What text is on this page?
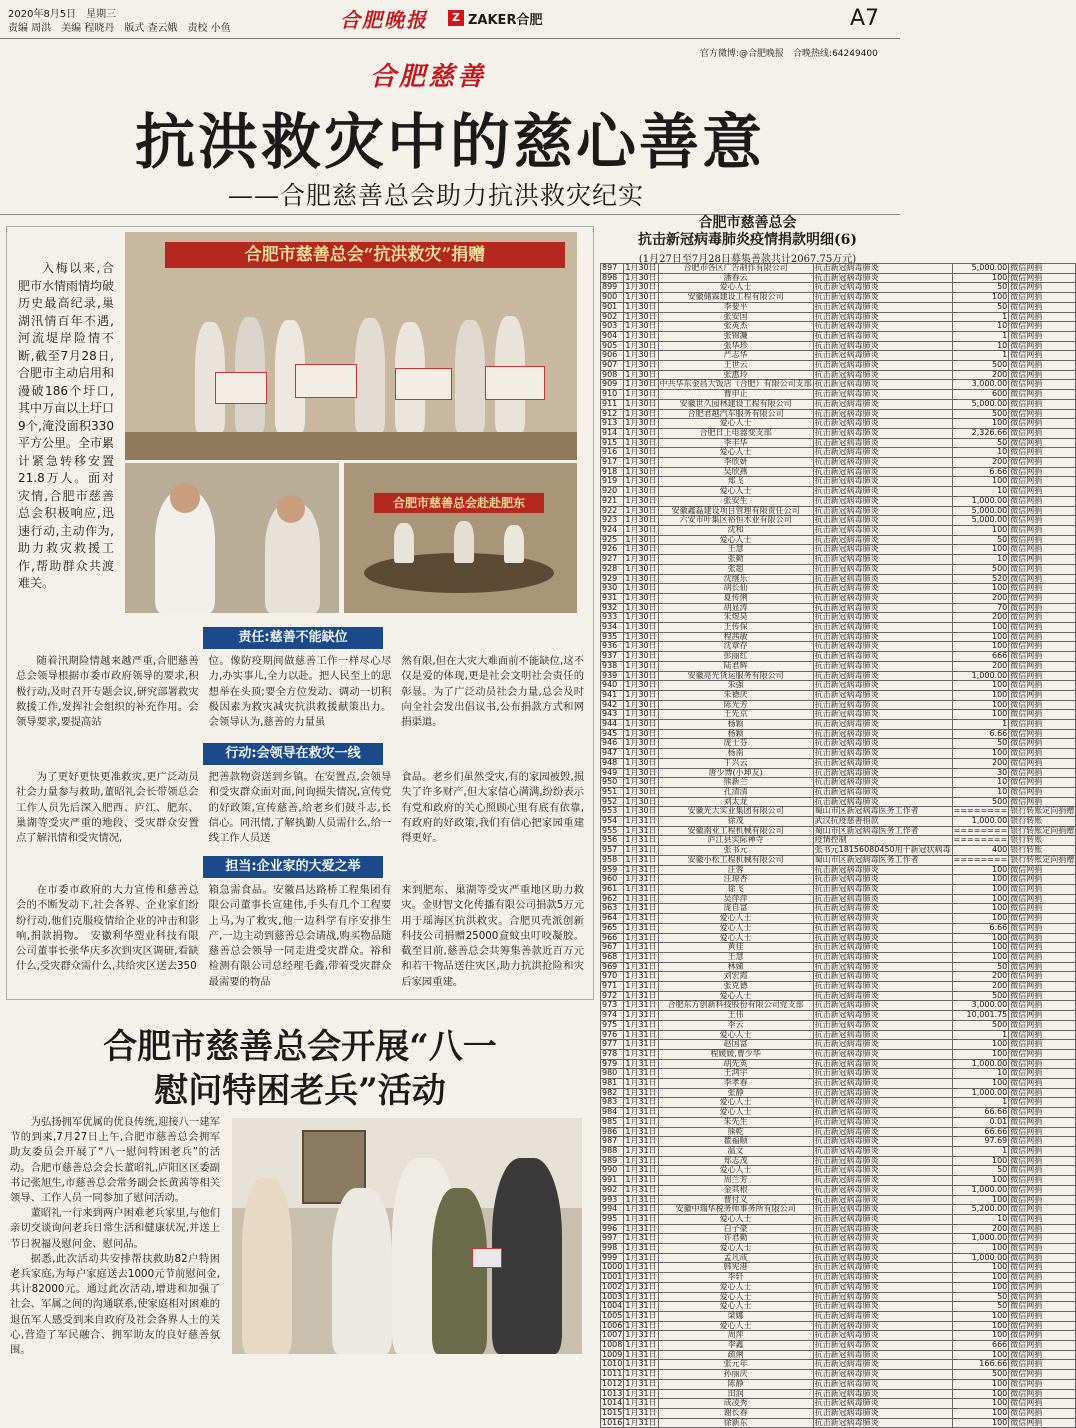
2020年8月5日　星期三
责编 周洪　美编 程晓丹　版式 查云娥　责校 小鱼	合肥晚报	Z ZAKER合肥	A7
合肥慈善
官方微博:@合肥晚报　合晚热线:64249400
抗洪救灾中的慈心善意
——合肥慈善总会助力抗洪救灾纪实
合肥市慈善总会“抗洪救灾”捐赠
合肥市慈善总会赴赴肥东
入梅以来,合肥市水情雨情均破历史最高纪录,巢湖汛情百年不遇,河流堤岸险情不断,截至7月28日,合肥市主动启用和漫破186个圩口,其中万亩以上圩口9个,淹没面积330平方公里。全市累计紧急转移安置21.8万人。面对灾情,合肥市慈善总会积极响应,迅速行动,主动作为,助力救灾救援工作,帮助群众共渡难关。
责任:慈善不能缺位

随着汛期险情越来越严重,合肥慈善总会领导根据市委市政府领导的要求,积极行动,及时召开专题会议,研究部署救灾救援工作,发挥社会组织的补充作用。会领导要求,要提高站

位。像防疫期间做慈善工作一样尽心尽力,办实事儿,全力以赴。把人民至上的思想举在头顶;要全方位发动、调动一切积极因素为救灾减灾抗洪救援献策出力。会领导认为,慈善的力量虽

然有限,但在大灾大难面前不能缺位,这不仅是爱的体现,更是社会文明社会责任的彰显。为了广泛动员社会力量,总会及时向全社会发出倡议书,公布捐款方式和网捐渠道。

行动:会领导在救灾一线

为了更好更快更准救灾,更广泛动员社会力量参与救助,董昭礼会长带领总会工作人员先后深入肥西、庐江、肥东、巢湖等受灾严重的地段、受灾群众安置点了解汛情和受灾情况,

把善款物资送到乡镇。在安置点,会领导和受灾群众面对面,问询损失情况,宣传党的好政策,宣传慈善,给老乡们鼓斗志,长信心。同汛情,了解执勤人员需什么,给一线工作人员送

食品。老乡们虽然受灾,有的家园被毁,损失了许多财产,但大家信心满满,纷纷表示有党和政府的关心照顾心里有底有依靠,有政府的好政策,我们有信心把家园重建得更好。

担当:企业家的大爱之举

在市委市政府的大力宣传和慈善总会的不断发动下,社会各界、企业家们纷纷行动,他们克服疫情给企业的冲击和影响,捐款捐物。　安徽利华塑业科技有限公司董事长张华庆多次到灾区调研,看缺什么,受灾群众需什么,共给灾区送去350

箱急需食品。安徽昌达路桥工程集团有限公司董事长宣建伟,手头有几个工程要上马,为了救灾,他一边科学有序安排生产,一边主动到慈善总会请战,购买物品随慈善总会领导一同走进受灾群众。裕和检测有限公司总经理毛鑫,带着受灾群众最需要的物品

来到肥东、巢湖等受灾严重地区助力救灾。金财智文化传播有限公司捐款5万元用于瑶海区抗洪救灾。合肥贝壳派创新科技公司捐赠25000盒蚊虫叮咬凝胶。截至目前,慈善总会共筹集善款近百万元和若干物品送往灾区,助力抗洪抢险和灾后家园重建。

合肥市慈善总会开展“八一慰问特困老兵”活动

为弘扬拥军优属的优良传统,迎接八一建军节的到来,7月27日上午,合肥市慈善总会拥军助友委员会开展了“八一慰问特困老兵”的活动。合肥市慈善总会会长董昭礼,庐阳区区委副书记张旭生,市慈善总会常务副会长黄茜等相关领导、工作人员一同参加了慰问活动。

董昭礼一行来到两户困难老兵家里,与他们亲切交谈询问老兵日常生活和健康状况,并送上节日祝福及慰问金、慰问品。

据悉,此次活动共安排帮扶救助82户特困老兵家庭,为每户家庭送去1000元节前慰问金,共计82000元。通过此次活动,增进和加强了社会、军属之间的沟通联系,使家庭相对困难的退伍军人感受到来自政府及社会各界人士的关心,营造了军民融合、拥军助友的良好慈善氛围。

合肥市慈善总会
抗击新冠病毒肺炎疫情捐款明细(6)
(1月27日至7月28日募集善款共计2067.75万元)
897	1月30日	合肥市各区广告制作有限公司	抗击新冠病毒肺炎	5,000.00	微信网捐
898	1月30日	潘春云	抗击新冠病毒肺炎	100	微信网捐
899	1月30日	爱心人士	抗击新冠病毒肺炎	50	微信网捐
900	1月30日	安徽储霖建设工程有限公司	抗击新冠病毒肺炎	100	微信网捐
901	1月30日	李要平	抗击新冠病毒肺炎	50	微信网捐
902	1月30日	张安国	抗击新冠病毒肺炎	1	微信网捐
903	1月30日	张英杰	抗击新冠病毒肺炎	10	微信网捐
904	1月30日	张锦濂	抗击新冠病毒肺炎	1	微信网捐
905	1月30日	张华珍	抗击新冠病毒肺炎	10	微信网捐
906	1月30日	严志华	抗击新冠病毒肺炎	1	微信网捐
907	1月30日	王世云	抗击新冠病毒肺炎	500	微信网捐
908	1月30日	张惠玲	抗击新冠病毒肺炎	200	微信网捐
909	1月30日	中共华东金昌大饭店（合肥）有限公司支部	抗击新冠病毒肺炎	3,000.00	微信网捐
910	1月30日	曹申止	抗击新冠病毒肺炎	600	微信网捐
911	1月30日	安徽世久园林建设工程有限公司	抗击新冠病毒肺炎	5,000.00	微信网捐
912	1月30日	合肥君越汽车服务有限公司	抗击新冠病毒肺炎	500	微信网捐
913	1月30日	爱心人士	抗击新冠病毒肺炎	100	微信网捐
914	1月30日	合肥日上电器变支部	抗击新冠病毒肺炎	2,326.66	微信网捐
915	1月30日	李丰华	抗击新冠病毒肺炎	50	微信网捐
916	1月30日	爱心人士	抗击新冠病毒肺炎	10	微信网捐
917	1月30日	李欣妍	抗击新冠病毒肺炎	200	微信网捐
918	1月30日	吴欣燕	抗击新冠病毒肺炎	6.66	微信网捐
919	1月30日	郑飞	抗击新冠病毒肺炎	100	微信网捐
920	1月30日	爱心人士	抗击新冠病毒肺炎	10	微信网捐
921	1月30日	张安生	抗击新冠病毒肺炎	1,000.00	微信网捐
922	1月30日	安徽鑫磊建设项目管理有限责任公司	抗击新冠病毒肺炎	5,000.00	微信网捐
923	1月30日	六安市叶集区裕恒木业有限公司	抗击新冠病毒肺炎	5,000.00	微信网捐
924	1月30日	沈和	抗击新冠病毒肺炎	100	微信网捐
925	1月30日	爱心人士	抗击新冠病毒肺炎	50	微信网捐
926	1月30日	王慧	抗击新冠病毒肺炎	100	微信网捐
927	1月30日	张勤	抗击新冠病毒肺炎	10	微信网捐
928	1月30日	张超	抗击新冠病毒肺炎	500	微信网捐
929	1月30日	沈继乐	抗击新冠病毒肺炎	520	微信网捐
930	1月30日	胡长仙	抗击新冠病毒肺炎	100	微信网捐
931	1月30日	夏传俐	抗击新冠病毒肺炎	200	微信网捐
932	1月30日	胡显涛	抗击新冠病毒肺炎	70	微信网捐
933	1月30日	朱煜昊	抗击新冠病毒肺炎	200	微信网捐
934	1月30日	王传保	抗击新冠病毒肺炎	100	微信网捐
935	1月30日	程茜敏	抗击新冠病毒肺炎	100	微信网捐
936	1月30日	沈章存	抗击新冠病毒肺炎	100	微信网捐
937	1月30日	彭丽红	抗击新冠病毒肺炎	666	微信网捐
938	1月30日	陆君辉	抗击新冠病毒肺炎	200	微信网捐
939	1月30日	安徽亮光货运服务有限公司	抗击新冠病毒肺炎	1,000.00	微信网捐
940	1月30日	朱强	抗击新冠病毒肺炎	100	微信网捐
941	1月30日	朱德庆	抗击新冠病毒肺炎	100	微信网捐
942	1月30日	陈光芳	抗击新冠病毒肺炎	100	微信网捐
943	1月30日	王先京	抗击新冠病毒肺炎	100	微信网捐
944	1月30日	杨颖	抗击新冠病毒肺炎	1	微信网捐
945	1月30日	杨颖	抗击新冠病毒肺炎	6.66	微信网捐
946	1月30日	庞士芬	抗击新冠病毒肺炎	50	微信网捐
947	1月30日	杨南	抗击新冠病毒肺炎	100	微信网捐
948	1月30日	丁兴云	抗击新冠病毒肺炎	200	微信网捐
949	1月30日	唐少博(小坤友)	抗击新冠病毒肺炎	30	微信网捐
950	1月30日	熊新兰	抗击新冠病毒肺炎	10	微信网捐
951	1月30日	孔清清	抗击新冠病毒肺炎	10	微信网捐
952	1月30日	刘太龙	抗击新冠病毒肺炎	500	微信网捐
953	1月30日	安徽光大实业集团有限公司	蜀山市区新冠病毒医务工作者	========	银行转账定向捐赠
954	1月31日	徐茂	武汉抗疫慈善捐款	1,000.00	银行转账
955	1月31日	安徽南亚工程机械有限公司	蜀山市区新冠病毒医务工作者	========	银行转账定向捐赠
956	1月31日	庐江县实际禅寺	疫情控制	========	银行转账
957	1月31日	张书元	张书元18156080450用于新冠状病毒	400	银行转账
958	1月31日	安徽小松工程机械有限公司	蜀山市区新冠病毒医务工作者	========	银行转账定向捐赠
959	1月31日	汪蓉	抗击新冠病毒肺炎	100	微信网捐
960	1月31日	汪琼杏	抗击新冠病毒肺炎	100	微信网捐
961	1月31日	徐飞	抗击新冠病毒肺炎	100	微信网捐
962	1月31日	吴萍萍	抗击新冠病毒肺炎	100	微信网捐
963	1月31日	庞自富	抗击新冠病毒肺炎	100	微信网捐
964	1月31日	爱心人士	抗击新冠病毒肺炎	100	微信网捐
965	1月31日	爱心人士	抗击新冠病毒肺炎	6.66	微信网捐
966	1月31日	爱心人士	抗击新冠病毒肺炎	100	微信网捐
967	1月31日	黄佳	抗击新冠病毒肺炎	100	微信网捐
968	1月31日	王慧	抗击新冠病毒肺炎	100	微信网捐
969	1月31日	林娣	抗击新冠病毒肺炎	50	微信网捐
970	1月31日	刘宏霞	抗击新冠病毒肺炎	200	微信网捐
971	1月31日	张克德	抗击新冠病毒肺炎	200	微信网捐
972	1月31日	爱心人士	抗击新冠病毒肺炎	500	微信网捐
973	1月31日	合肥东方创新科技股份有限公司党支部	抗击新冠病毒肺炎	3,000.00	微信网捐
974	1月31日	王伟	抗击新冠病毒肺炎	10,001.75	微信网捐
975	1月31日	李云	抗击新冠病毒肺炎	500	微信网捐
976	1月31日	爱心人士	抗击新冠病毒肺炎	1	微信网捐
977	1月31日	赵国富	抗击新冠病毒肺炎	100	微信网捐
978	1月31日	程媛媛,曹少华	抗击新冠病毒肺炎	100	微信网捐
979	1月31日	胡先英	抗击新冠病毒肺炎	1,000.00	微信网捐
980	1月31日	王鸿宇	抗击新冠病毒肺炎	10	微信网捐
981	1月31日	李孝春	抗击新冠病毒肺炎	100	微信网捐
982	1月31日	张静	抗击新冠病毒肺炎	1,000.00	微信网捐
983	1月31日	爱心人士	抗击新冠病毒肺炎	1	微信网捐
984	1月31日	爱心人士	抗击新冠病毒肺炎	66.66	微信网捐
985	1月31日	朱先生	抗击新冠病毒肺炎	0.01	微信网捐
986	1月31日	熊乾	抗击新冠病毒肺炎	66.66	微信网捐
987	1月31日	瞿福顺	抗击新冠病毒肺炎	97.69	微信网捐
988	1月31日	温文	抗击新冠病毒肺炎	1	微信网捐
989	1月31日	郑志茂	抗击新冠病毒肺炎	100	微信网捐
990	1月31日	爱心人士	抗击新冠病毒肺炎	50	微信网捐
991	1月31日	周兰芳	抗击新冠病毒肺炎	100	微信网捐
992	1月31日	金其根	抗击新冠病毒肺炎	1,000.00	微信网捐
993	1月31日	曹付义	抗击新冠病毒肺炎	100	微信网捐
994	1月31日	安徽中瑞华税务师事务所有限公司	抗击新冠病毒肺炎	5,200.00	微信网捐
995	1月31日	爱心人士	抗击新冠病毒肺炎	10	微信网捐
996	1月31日	白子豪	抗击新冠病毒肺炎	200	微信网捐
997	1月31日	许君勤	抗击新冠病毒肺炎	1,000.00	微信网捐
998	1月31日	爱心人士	抗击新冠病毒肺炎	100	微信网捐
999	1月31日	孟凡成	抗击新冠病毒肺炎	1,000.00	微信网捐
1000	1月31日	韩宪港	抗击新冠病毒肺炎	100	微信网捐
1001	1月31日	李轩	抗击新冠病毒肺炎	100	微信网捐
1002	1月31日	爱心人士	抗击新冠病毒肺炎	100	微信网捐
1003	1月31日	爱心人士	抗击新冠病毒肺炎	50	微信网捐
1004	1月31日	爱心人士	抗击新冠病毒肺炎	50	微信网捐
1005	1月31日	梁娜	抗击新冠病毒肺炎	100	微信网捐
1006	1月31日	爱心人士	抗击新冠病毒肺炎	100	微信网捐
1007	1月31日	周萍	抗击新冠病毒肺炎	100	微信网捐
1008	1月31日	李鑫	抗击新冠病毒肺炎	666	微信网捐
1009	1月31日	疏俐	抗击新冠病毒肺炎	100	微信网捐
1010	1月31日	张元年	抗击新冠病毒肺炎	166.66	微信网捐
1011	1月31日	孙丽庆	抗击新冠病毒肺炎	500	微信网捐
1012	1月31日	陈静	抗击新冠病毒肺炎	100	微信网捐
1013	1月31日	田润	抗击新冠病毒肺炎	100	微信网捐
1014	1月31日	成凌秀	抗击新冠病毒肺炎	100	微信网捐
1015	1月31日	谢长春	抗击新冠病毒肺炎	100	微信网捐
1016	1月31日	徐新东	抗击新冠病毒肺炎	100	微信网捐
